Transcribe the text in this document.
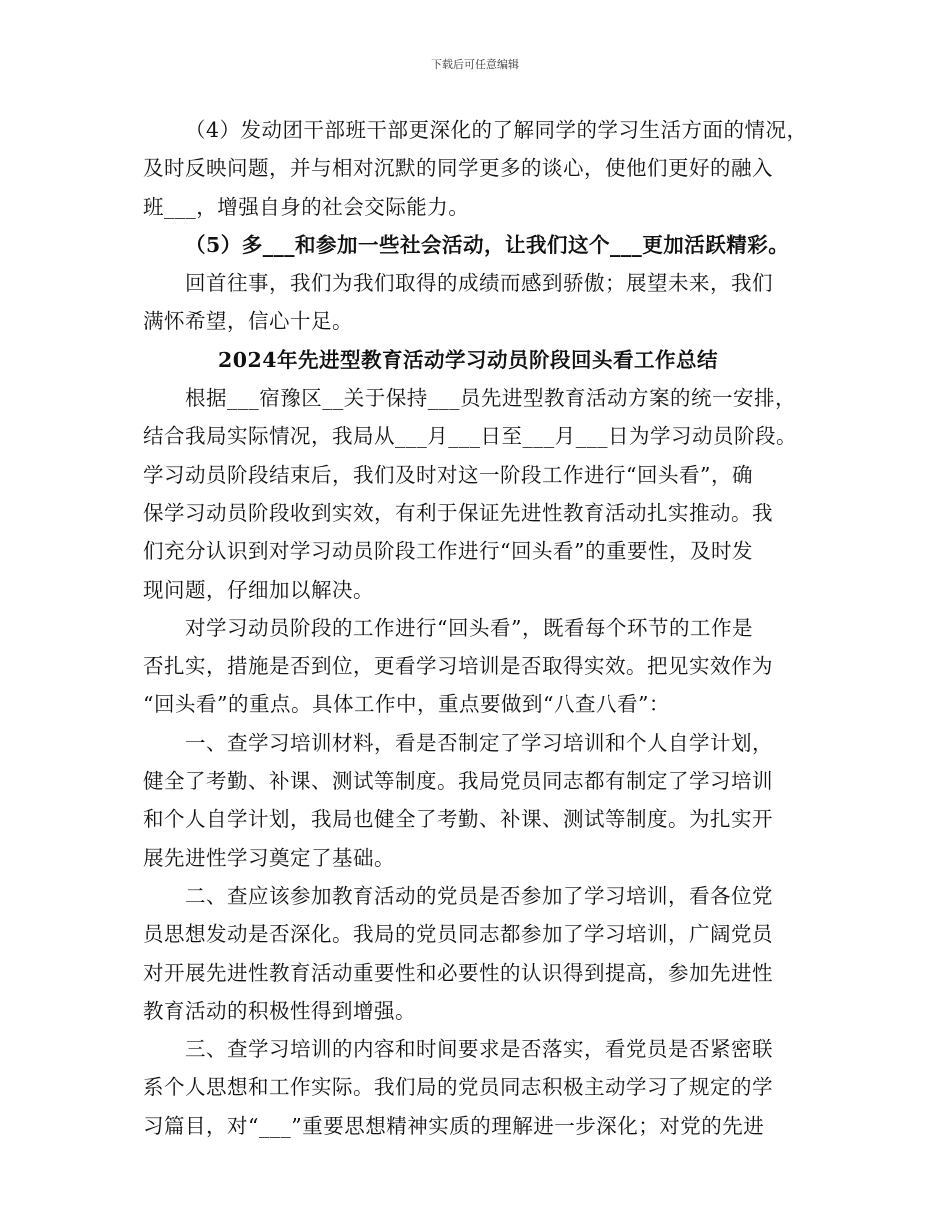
下载后可任意编辑
（4）发动团干部班干部更深化的了解同学的学习生活方面的情况，
及时反映问题，并与相对沉默的同学更多的谈心，使他们更好的融入
班___，增强自身的社会交际能力。
（5）多___和参加一些社会活动，让我们这个___更加活跃精彩。
回首往事，我们为我们取得的成绩而感到骄傲；展望未来，我们
满怀希望，信心十足。
2024年先进型教育活动学习动员阶段回头看工作总结
根据___宿豫区__关于保持___员先进型教育活动方案的统一安排，
结合我局实际情况，我局从___月___日至___月___日为学习动员阶段。
学习动员阶段结束后，我们及时对这一阶段工作进行“回头看”，确
保学习动员阶段收到实效，有利于保证先进性教育活动扎实推动。我
们充分认识到对学习动员阶段工作进行“回头看”的重要性，及时发
现问题，仔细加以解决。
对学习动员阶段的工作进行“回头看”，既看每个环节的工作是
否扎实，措施是否到位，更看学习培训是否取得实效。把见实效作为
“回头看”的重点。具体工作中，重点要做到“八查八看”：
一、查学习培训材料，看是否制定了学习培训和个人自学计划，
健全了考勤、补课、测试等制度。我局党员同志都有制定了学习培训
和个人自学计划，我局也健全了考勤、补课、测试等制度。为扎实开
展先进性学习奠定了基础。
二、查应该参加教育活动的党员是否参加了学习培训，看各位党
员思想发动是否深化。我局的党员同志都参加了学习培训，广阔党员
对开展先进性教育活动重要性和必要性的认识得到提高，参加先进性
教育活动的积极性得到增强。
三、查学习培训的内容和时间要求是否落实，看党员是否紧密联
系个人思想和工作实际。我们局的党员同志积极主动学习了规定的学
习篇目，对“___”重要思想精神实质的理解进一步深化；对党的先进
